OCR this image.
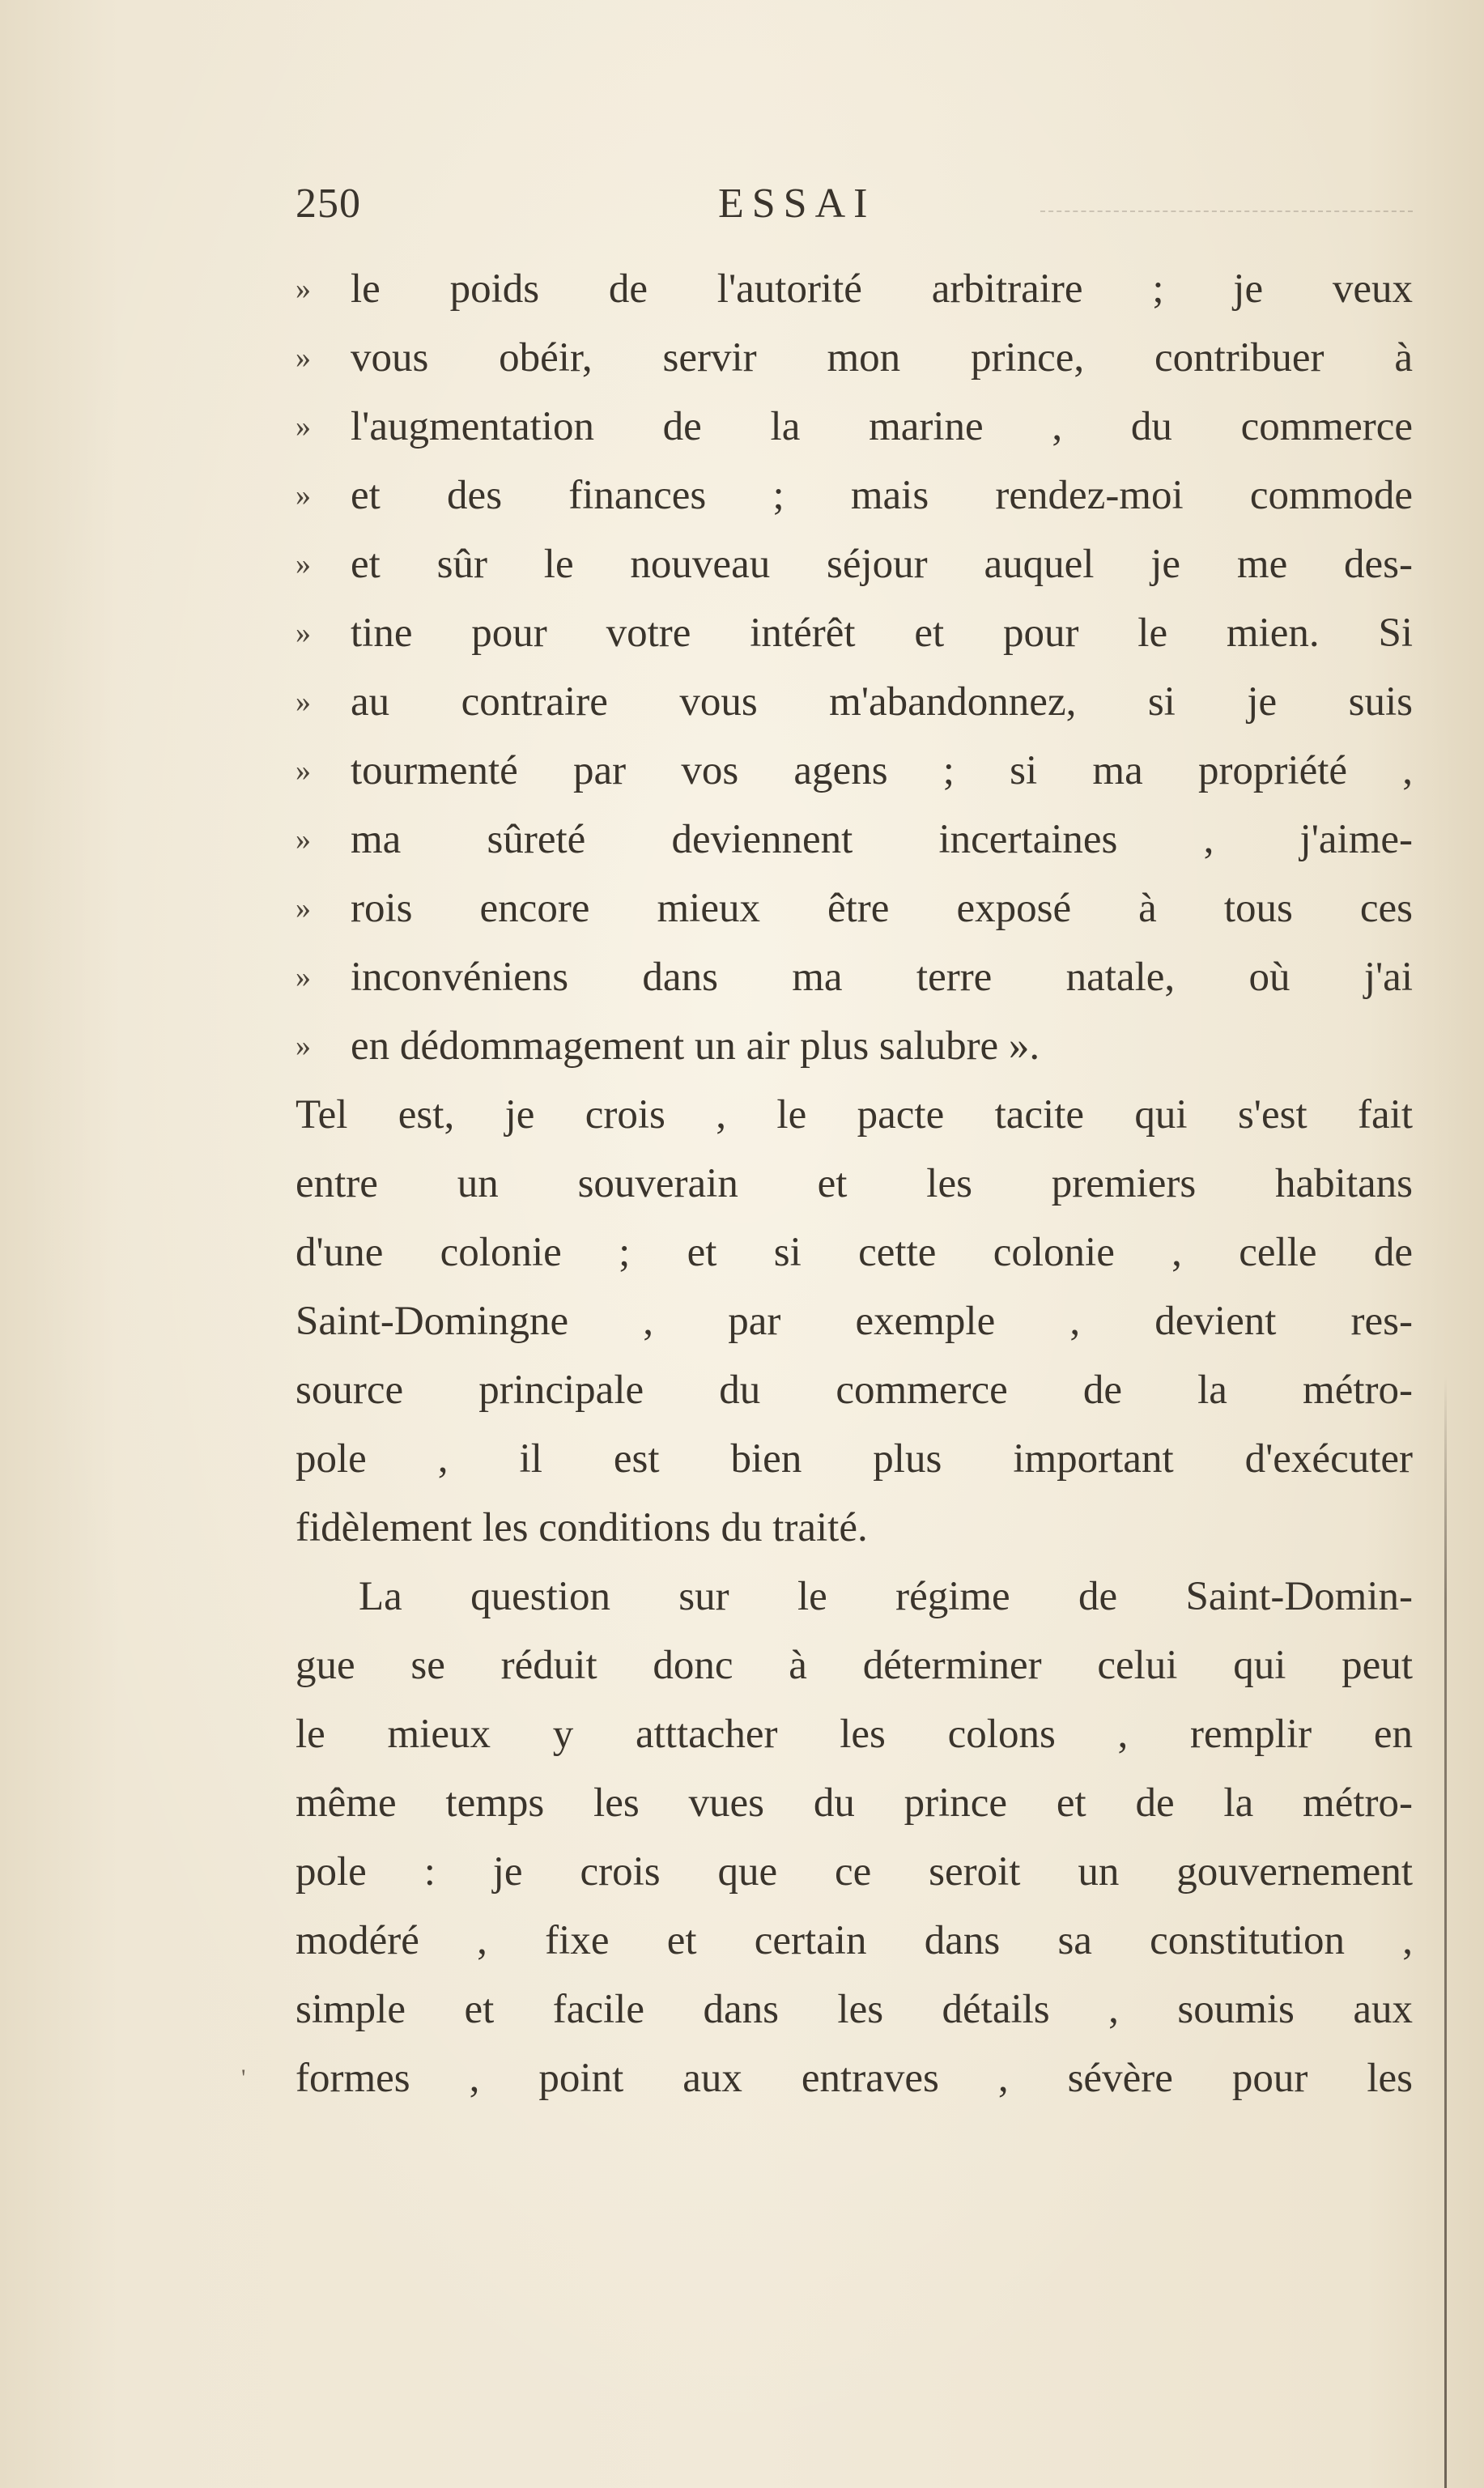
250	ESSAI
» le poids de l'autorité arbitraire ; je veux
» vous obéir, servir mon prince, contribuer à
» l'augmentation de la marine , du commerce
» et des finances ; mais rendez-moi commode
» et sûr le nouveau séjour auquel je me des-
» tine pour votre intérêt et pour le mien. Si
» au contraire vous m'abandonnez, si je suis
» tourmenté par vos agens ; si ma propriété ,
» ma sûreté deviennent incertaines , j'aime-
» rois encore mieux être exposé à tous ces
» inconvéniens dans ma terre natale, où j'ai
» en dédommagement un air plus salubre ».
Tel est, je crois , le pacte tacite qui s'est fait
entre un souverain et les premiers habitans
d'une colonie ; et si cette colonie , celle de
Saint-Domingne , par exemple , devient res-
source principale du commerce de la métro-
pole , il est bien plus important d'exécuter
fidèlement les conditions du traité.
La question sur le régime de Saint-Domin-
gue se réduit donc à déterminer celui qui peut
le mieux y atttacher les colons , remplir en
même temps les vues du prince et de la métro-
pole : je crois que ce seroit un gouvernement
modéré , fixe et certain dans sa constitution ,
simple et facile dans les détails , soumis aux
formes , point aux entraves , sévère pour les
'
